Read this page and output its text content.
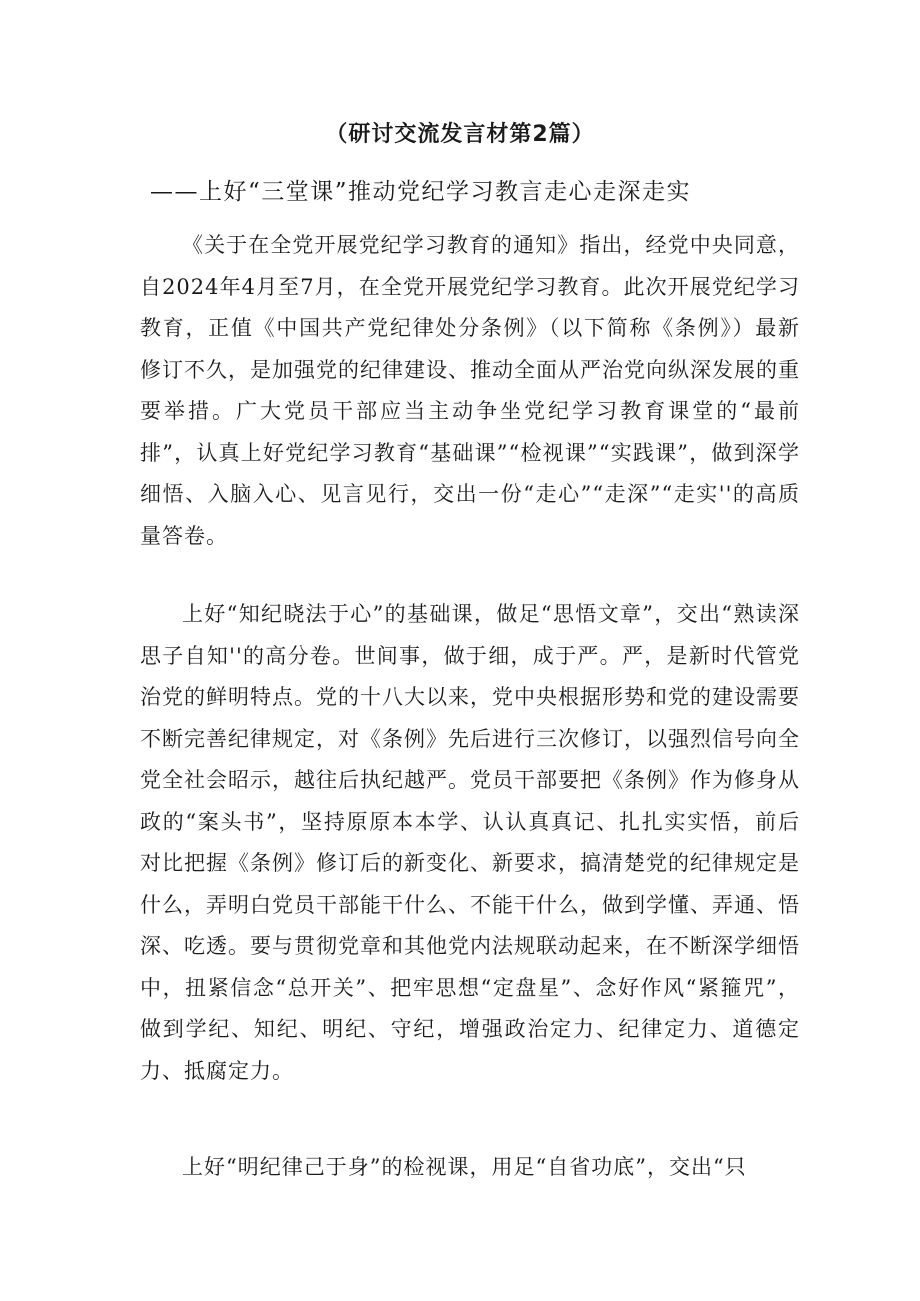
（研讨交流发言材第2篇）
——上好“三堂课”推动党纪学习教言走心走深走实

《关于在全党开展党纪学习教育的通知》指出，经党中央同意，自2024年4月至7月，在全党开展党纪学习教育。此次开展党纪学习教育，正值《中国共产党纪律处分条例》（以下简称《条例》）最新修订不久，是加强党的纪律建设、推动全面从严治党向纵深发展的重要举措。广大党员干部应当主动争坐党纪学习教育课堂的“最前排”，认真上好党纪学习教育“基础课”“检视课”“实践课”，做到深学细悟、入脑入心、见言见行，交出一份“走心”“走深”“走实''的高质量答卷。

上好“知纪晓法于心”的基础课，做足“思悟文章”，交出“熟读深思子自知''的高分卷。世间事，做于细，成于严。严，是新时代管党治党的鲜明特点。党的十八大以来，党中央根据形势和党的建设需要不断完善纪律规定，对《条例》先后进行三次修订，以强烈信号向全党全社会昭示，越往后执纪越严。党员干部要把《条例》作为修身从政的“案头书”，坚持原原本本学、认认真真记、扎扎实实悟，前后对比把握《条例》修订后的新变化、新要求，搞清楚党的纪律规定是什么，弄明白党员干部能干什么、不能干什么，做到学懂、弄通、悟深、吃透。要与贯彻党章和其他党内法规联动起来，在不断深学细悟中，扭紧信念“总开关”、把牢思想“定盘星”、念好作风“紧箍咒”，做到学纪、知纪、明纪、守纪，增强政治定力、纪律定力、道德定力、抵腐定力。

上好“明纪律己于身”的检视课，用足“自省功底”，交出“只
